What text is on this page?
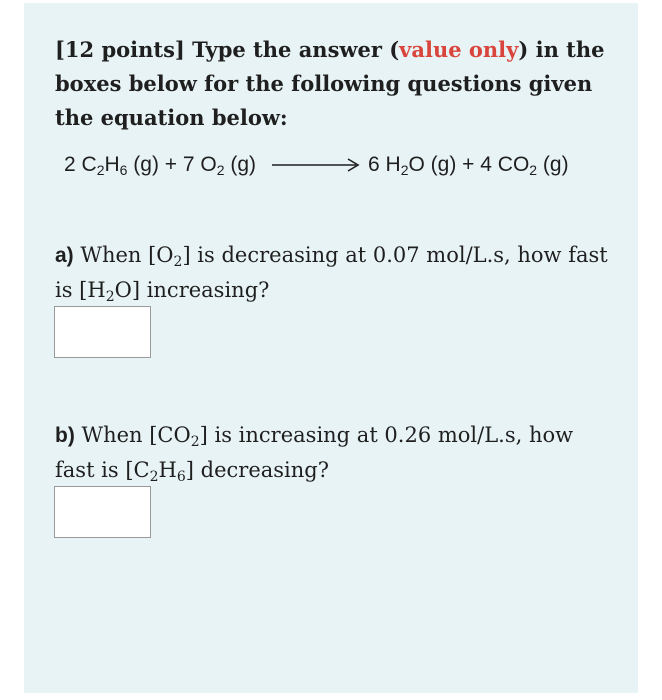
[12 points] Type the answer (value only) in the boxes below for the following questions given the equation below:

2 $C_2H_6$ (g) + 7 $O_2$ (g)	6 $H_2O$ (g) + 4 $CO_2$ (g)

a) When $[O_2]$ is decreasing at 0.07 mol/L.s, how fast is $[H_2O]$ increasing?

b) When $[CO_2]$ is increasing at 0.26 mol/L.s, how fast is $[C_2H_6]$ decreasing?
